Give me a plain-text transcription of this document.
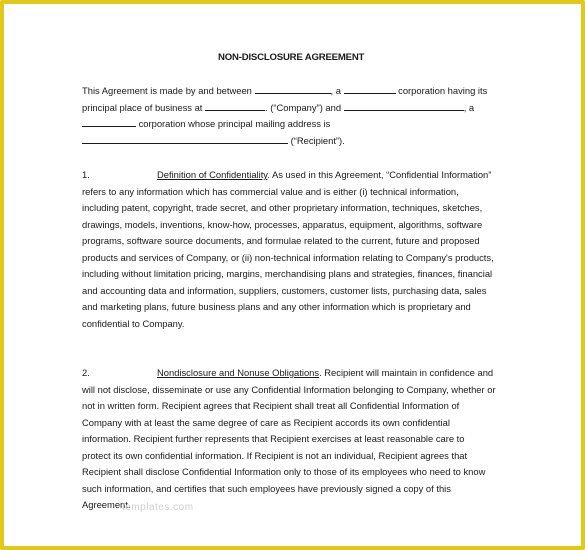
NON-DISCLOSURE AGREEMENT
This Agreement is made by and between	, a	corporation having its
principal place of business at	. (“Company”) and	, a
corporation whose principal mailing address is
(“Recipient”).
1.	Definition of Confidentiality. As used in this Agreement, “Confidential Information”
refers to any information which has commercial value and is either (i) technical information,
including patent, copyright, trade secret, and other proprietary information, techniques, sketches,
drawings, models, inventions, know-how, processes, apparatus, equipment, algorithms, software
programs, software source documents, and formulae related to the current, future and proposed
products and services of Company, or (ii) non-technical information relating to Company's products,
including without limitation pricing, margins, merchandising plans and strategies, finances, financial
and accounting data and information, suppliers, customers, customer lists, purchasing data, sales
and marketing plans, future business plans and any other information which is proprietary and
confidential to Company.
2.	Nondisclosure and Nonuse Obligations. Recipient will maintain in confidence and
will not disclose, disseminate or use any Confidential Information belonging to Company, whether or
not in written form. Recipient agrees that Recipient shall treat all Confidential Information of
Company with at least the same degree of care as Recipient accords its own confidential
information. Recipient further represents that Recipient exercises at least reasonable care to
protect its own confidential information. If Recipient is not an individual, Recipient agrees that
Recipient shall disclose Confidential Information only to those of its employees who need to know
such information, and certifies that such employees have previously signed a copy of this
Agreement.
templates.com
